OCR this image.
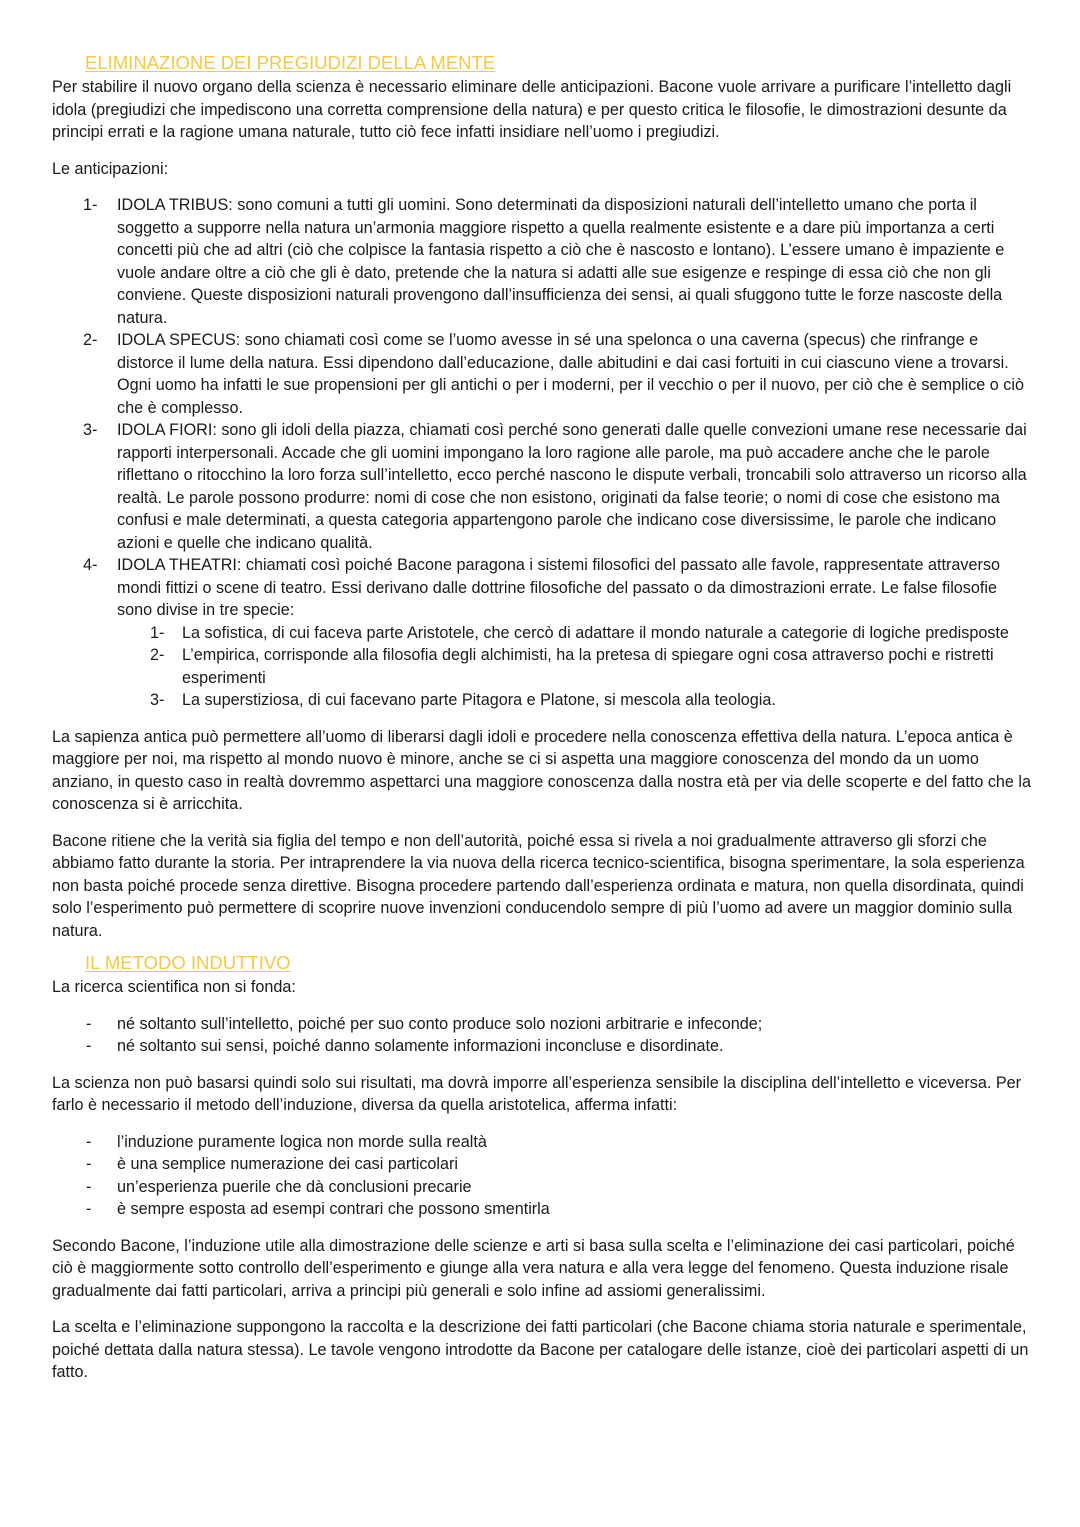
ELIMINAZIONE DEI PREGIUDIZI DELLA MENTE

Per stabilire il nuovo organo della scienza è necessario eliminare delle anticipazioni. Bacone vuole arrivare a purificare l’intelletto dagli idola (pregiudizi che impediscono una corretta comprensione della natura) e per questo critica le filosofie, le dimostrazioni desunte da principi errati e la ragione umana naturale, tutto ciò fece infatti insidiare nell’uomo i pregiudizi.

Le anticipazioni:

1- IDOLA TRIBUS: sono comuni a tutti gli uomini. Sono determinati da disposizioni naturali dell’intelletto umano che porta il soggetto a supporre nella natura un’armonia maggiore rispetto a quella realmente esistente e a dare più importanza a certi concetti più che ad altri (ciò che colpisce la fantasia rispetto a ciò che è nascosto e lontano). L’essere umano è impaziente e vuole andare oltre a ciò che gli è dato, pretende che la natura si adatti alle sue esigenze e respinge di essa ciò che non gli conviene. Queste disposizioni naturali provengono dall’insufficienza dei sensi, ai quali sfuggono tutte le forze nascoste della natura.
2- IDOLA SPECUS: sono chiamati così come se l’uomo avesse in sé una spelonca o una caverna (specus) che rinfrange e distorce il lume della natura. Essi dipendono dall’educazione, dalle abitudini e dai casi fortuiti in cui ciascuno viene a trovarsi. Ogni uomo ha infatti le sue propensioni per gli antichi o per i moderni, per il vecchio o per il nuovo, per ciò che è semplice o ciò che è complesso.
3- IDOLA FIORI: sono gli idoli della piazza, chiamati così perché sono generati dalle quelle convezioni umane rese necessarie dai rapporti interpersonali. Accade che gli uomini impongano la loro ragione alle parole, ma può accadere anche che le parole riflettano o ritocchino la loro forza sull’intelletto, ecco perché nascono le dispute verbali, troncabili solo attraverso un ricorso alla realtà. Le parole possono produrre: nomi di cose che non esistono, originati da false teorie; o nomi di cose che esistono ma confusi e male determinati, a questa categoria appartengono parole che indicano cose diversissime, le parole che indicano azioni e quelle che indicano qualità.
4- IDOLA THEATRI: chiamati così poiché Bacone paragona i sistemi filosofici del passato alle favole, rappresentate attraverso mondi fittizi o scene di teatro. Essi derivano dalle dottrine filosofiche del passato o da dimostrazioni errate. Le false filosofie sono divise in tre specie:
1- La sofistica, di cui faceva parte Aristotele, che cercò di adattare il mondo naturale a categorie di logiche predisposte
2- L’empirica, corrisponde alla filosofia degli alchimisti, ha la pretesa di spiegare ogni cosa attraverso pochi e ristretti esperimenti
3- La superstiziosa, di cui facevano parte Pitagora e Platone, si mescola alla teologia.

La sapienza antica può permettere all’uomo di liberarsi dagli idoli e procedere nella conoscenza effettiva della natura. L’epoca antica è maggiore per noi, ma rispetto al mondo nuovo è minore, anche se ci si aspetta una maggiore conoscenza del mondo da un uomo anziano, in questo caso in realtà dovremmo aspettarci una maggiore conoscenza dalla nostra età per via delle scoperte e del fatto che la conoscenza si è arricchita.

Bacone ritiene che la verità sia figlia del tempo e non dell’autorità, poiché essa si rivela a noi gradualmente attraverso gli sforzi che abbiamo fatto durante la storia. Per intraprendere la via nuova della ricerca tecnico-scientifica, bisogna sperimentare, la sola esperienza non basta poiché procede senza direttive. Bisogna procedere partendo dall’esperienza ordinata e matura, non quella disordinata, quindi solo l’esperimento può permettere di scoprire nuove invenzioni conducendolo sempre di più l’uomo ad avere un maggior dominio sulla natura.

IL METODO INDUTTIVO

La ricerca scientifica non si fonda:

- né soltanto sull’intelletto, poiché per suo conto produce solo nozioni arbitrarie e infeconde;
- né soltanto sui sensi, poiché danno solamente informazioni inconcluse e disordinate.

La scienza non può basarsi quindi solo sui risultati, ma dovrà imporre all’esperienza sensibile la disciplina dell’intelletto e viceversa. Per farlo è necessario il metodo dell’induzione, diversa da quella aristotelica, afferma infatti:

- l’induzione puramente logica non morde sulla realtà
- è una semplice numerazione dei casi particolari
- un’esperienza puerile che dà conclusioni precarie
- è sempre esposta ad esempi contrari che possono smentirla

Secondo Bacone, l’induzione utile alla dimostrazione delle scienze e arti si basa sulla scelta e l’eliminazione dei casi particolari, poiché ciò è maggiormente sotto controllo dell’esperimento e giunge alla vera natura e alla vera legge del fenomeno. Questa induzione risale gradualmente dai fatti particolari, arriva a principi più generali e solo infine ad assiomi generalissimi.

La scelta e l’eliminazione suppongono la raccolta e la descrizione dei fatti particolari (che Bacone chiama storia naturale e sperimentale, poiché dettata dalla natura stessa). Le tavole vengono introdotte da Bacone per catalogare delle istanze, cioè dei particolari aspetti di un fatto.
